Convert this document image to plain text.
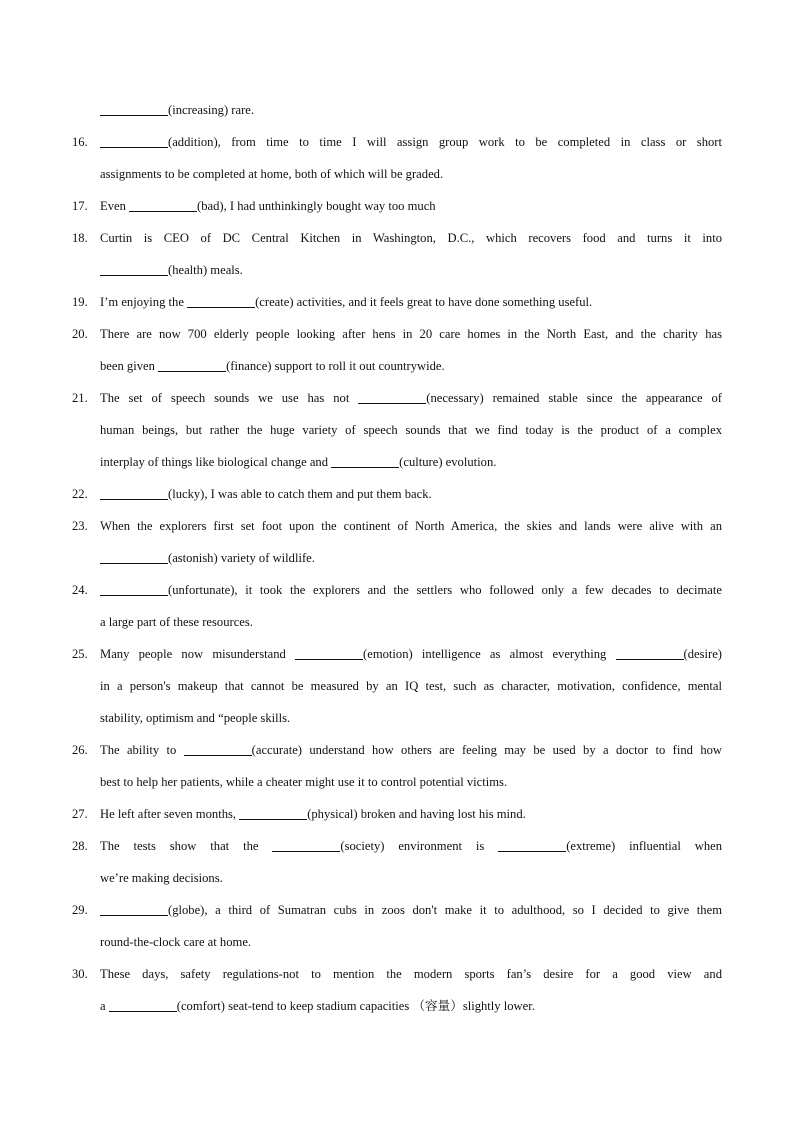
(increasing) rare.
16.	(addition), from time to time I will assign group work to be completed in class or short
assignments to be completed at home, both of which will be graded.
17. Even	(bad), I had unthinkingly bought way too much
18. Curtin is CEO of DC Central Kitchen in Washington, D.C., which recovers food and turns it into
(health) meals.
19. I’m enjoying the	(create) activities, and it feels great to have done something useful.
20. There are now 700 elderly people looking after hens in 20 care homes in the North East, and the charity has
been given	(finance) support to roll it out countrywide.
21. The set of speech sounds we use has not	(necessary) remained stable since the appearance of
human beings, but rather the huge variety of speech sounds that we find today is the product of a complex
interplay of things like biological change and	(culture) evolution.
22.	(lucky), I was able to catch them and put them back.
23. When the explorers first set foot upon the continent of North America, the skies and lands were alive with an
(astonish) variety of wildlife.
24.	(unfortunate), it took the explorers and the settlers who followed only a few decades to decimate
a large part of these resources.
25. Many people now misunderstand	(emotion) intelligence as almost everything	(desire)
in a person's makeup that cannot be measured by an IQ test, such as character, motivation, confidence, mental
stability, optimism and “people skills.
26. The ability to	(accurate) understand how others are feeling may be used by a doctor to find how
best to help her patients, while a cheater might use it to control potential victims.
27. He left after seven months,	(physical) broken and having lost his mind.
28. The tests show that the	(society) environment is	(extreme) influential when
we’re making decisions.
29.	(globe), a third of Sumatran cubs in zoos don't make it to adulthood, so I decided to give them
round-the-clock care at home.
30. These days, safety regulations-not to mention the modern sports fan’s desire for a good view and
a	(comfort) seat-tend to keep stadium capacities （容量）slightly lower.
